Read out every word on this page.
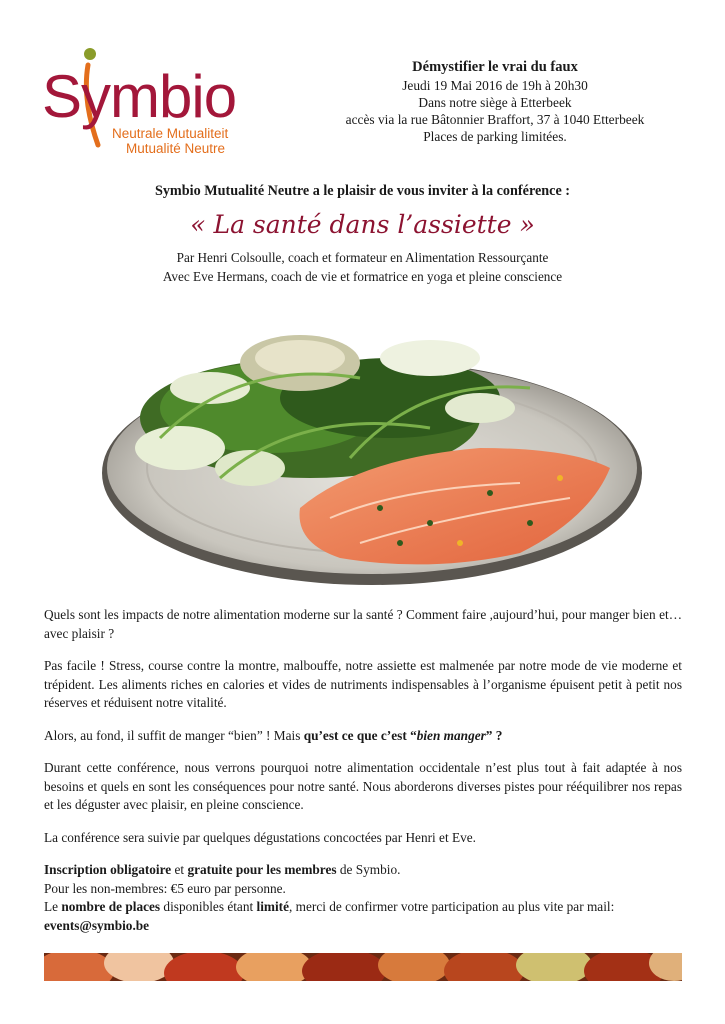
Symbio
Neutrale Mutualiteit
Mutualité Neutre
Démystifier le vrai du faux
Jeudi 19 Mai 2016 de 19h à 20h30
Dans notre siège à Etterbeek
accès via la rue Bâtonnier Braffort, 37 à 1040 Etterbeek
Places de parking limitées.
Symbio Mutualité Neutre a le plaisir de vous inviter à la conférence :
« La santé dans l’assiette »
Par Henri Colsoulle, coach et formateur en Alimentation Ressourçante
Avec Eve Hermans, coach de vie et formatrice en yoga et pleine conscience

Quels sont les impacts de notre alimentation moderne sur la santé ? Comment faire ,aujourd’hui, pour manger bien et… avec plaisir ?

Pas facile ! Stress, course contre la montre, malbouffe, notre assiette est malmenée par notre mode de vie moderne et trépident. Les aliments riches en calories et vides de nutriments indispensables à l’organisme épuisent petit à petit nos réserves et réduisent notre vitalité.

Alors, au fond, il suffit de manger “bien” ! Mais qu’est ce que c’est “bien manger” ?

Durant cette conférence, nous verrons pourquoi notre alimentation occidentale n’est plus tout à fait adaptée à nos besoins et quels en sont les conséquences pour notre santé. Nous aborderons diverses pistes pour rééquilibrer nos repas et les déguster avec plaisir, en pleine conscience.

La conférence sera suivie par quelques dégustations concoctées par Henri et Eve.

Inscription obligatoire et gratuite pour les membres de Symbio.

Pour les non-membres: €5 euro par personne.

Le nombre de places disponibles étant limité, merci de confirmer votre participation au plus vite par mail:

events@symbio.be
